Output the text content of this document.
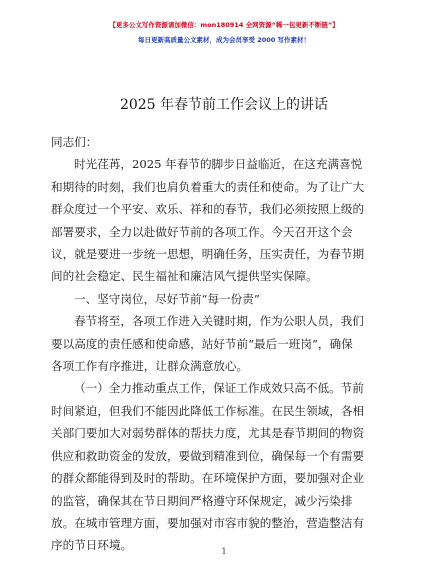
【更多公文写作资源请加微信：mon180914 全网资源“稀一包更新不断链”】
每日更新高质量公文素材，成为会员享受 2000 写作素材！
2025 年春节前工作会议上的讲话

同志们：

时光荏苒，2025 年春节的脚步日益临近，在这充满喜悦
和期待的时刻，我们也肩负着重大的责任和使命。为了让广大
群众度过一个平安、欢乐、祥和的春节，我们必须按照上级的
部署要求，全力以赴做好节前的各项工作。今天召开这个会
议，就是要进一步统一思想，明确任务，压实责任，为春节期
间的社会稳定、民生福祉和廉洁风气提供坚实保障。

一、坚守岗位，尽好节前“每一份责”

春节将至，各项工作进入关键时期，作为公职人员，我们
要以高度的责任感和使命感，站好节前“最后一班岗”，确保
各项工作有序推进，让群众满意放心。

（一）全力推动重点工作，保证工作成效只高不低。节前
时间紧迫，但我们不能因此降低工作标准。在民生领域，各相
关部门要加大对弱势群体的帮扶力度，尤其是春节期间的物资
供应和救助资金的发放，要做到精准到位，确保每一个有需要
的群众都能得到及时的帮助。在环境保护方面，要加强对企业
的监管，确保其在节日期间严格遵守环保规定，减少污染排
放。在城市管理方面，要加强对市容市貌的整治，营造整洁有
序的节日环境。	1
